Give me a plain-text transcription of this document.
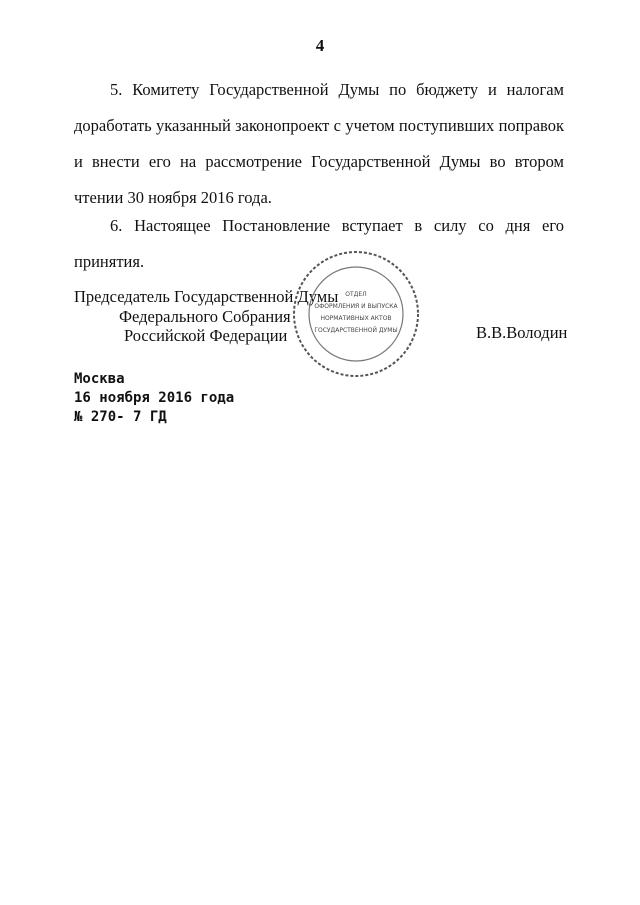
4

5. Комитету Государственной Думы по бюджету и налогам доработать указанный законопроект с учетом поступивших поправок и внести его на рассмотрение Государственной Думы во втором чтении 30 ноября 2016 года.

6. Настоящее Постановление вступает в силу со дня его принятия.

Председатель Государственной Думы
Федерального Собрания
Российской Федерации	В.В.Володин
ОТДЕЛ
ОФОРМЛЕНИЯ И ВЫПУСКА
НОРМАТИВНЫХ АКТОВ
ГОСУДАРСТВЕННОЙ ДУМЫ
Москва
16 ноября 2016 года
№ 270- 7 ГД
